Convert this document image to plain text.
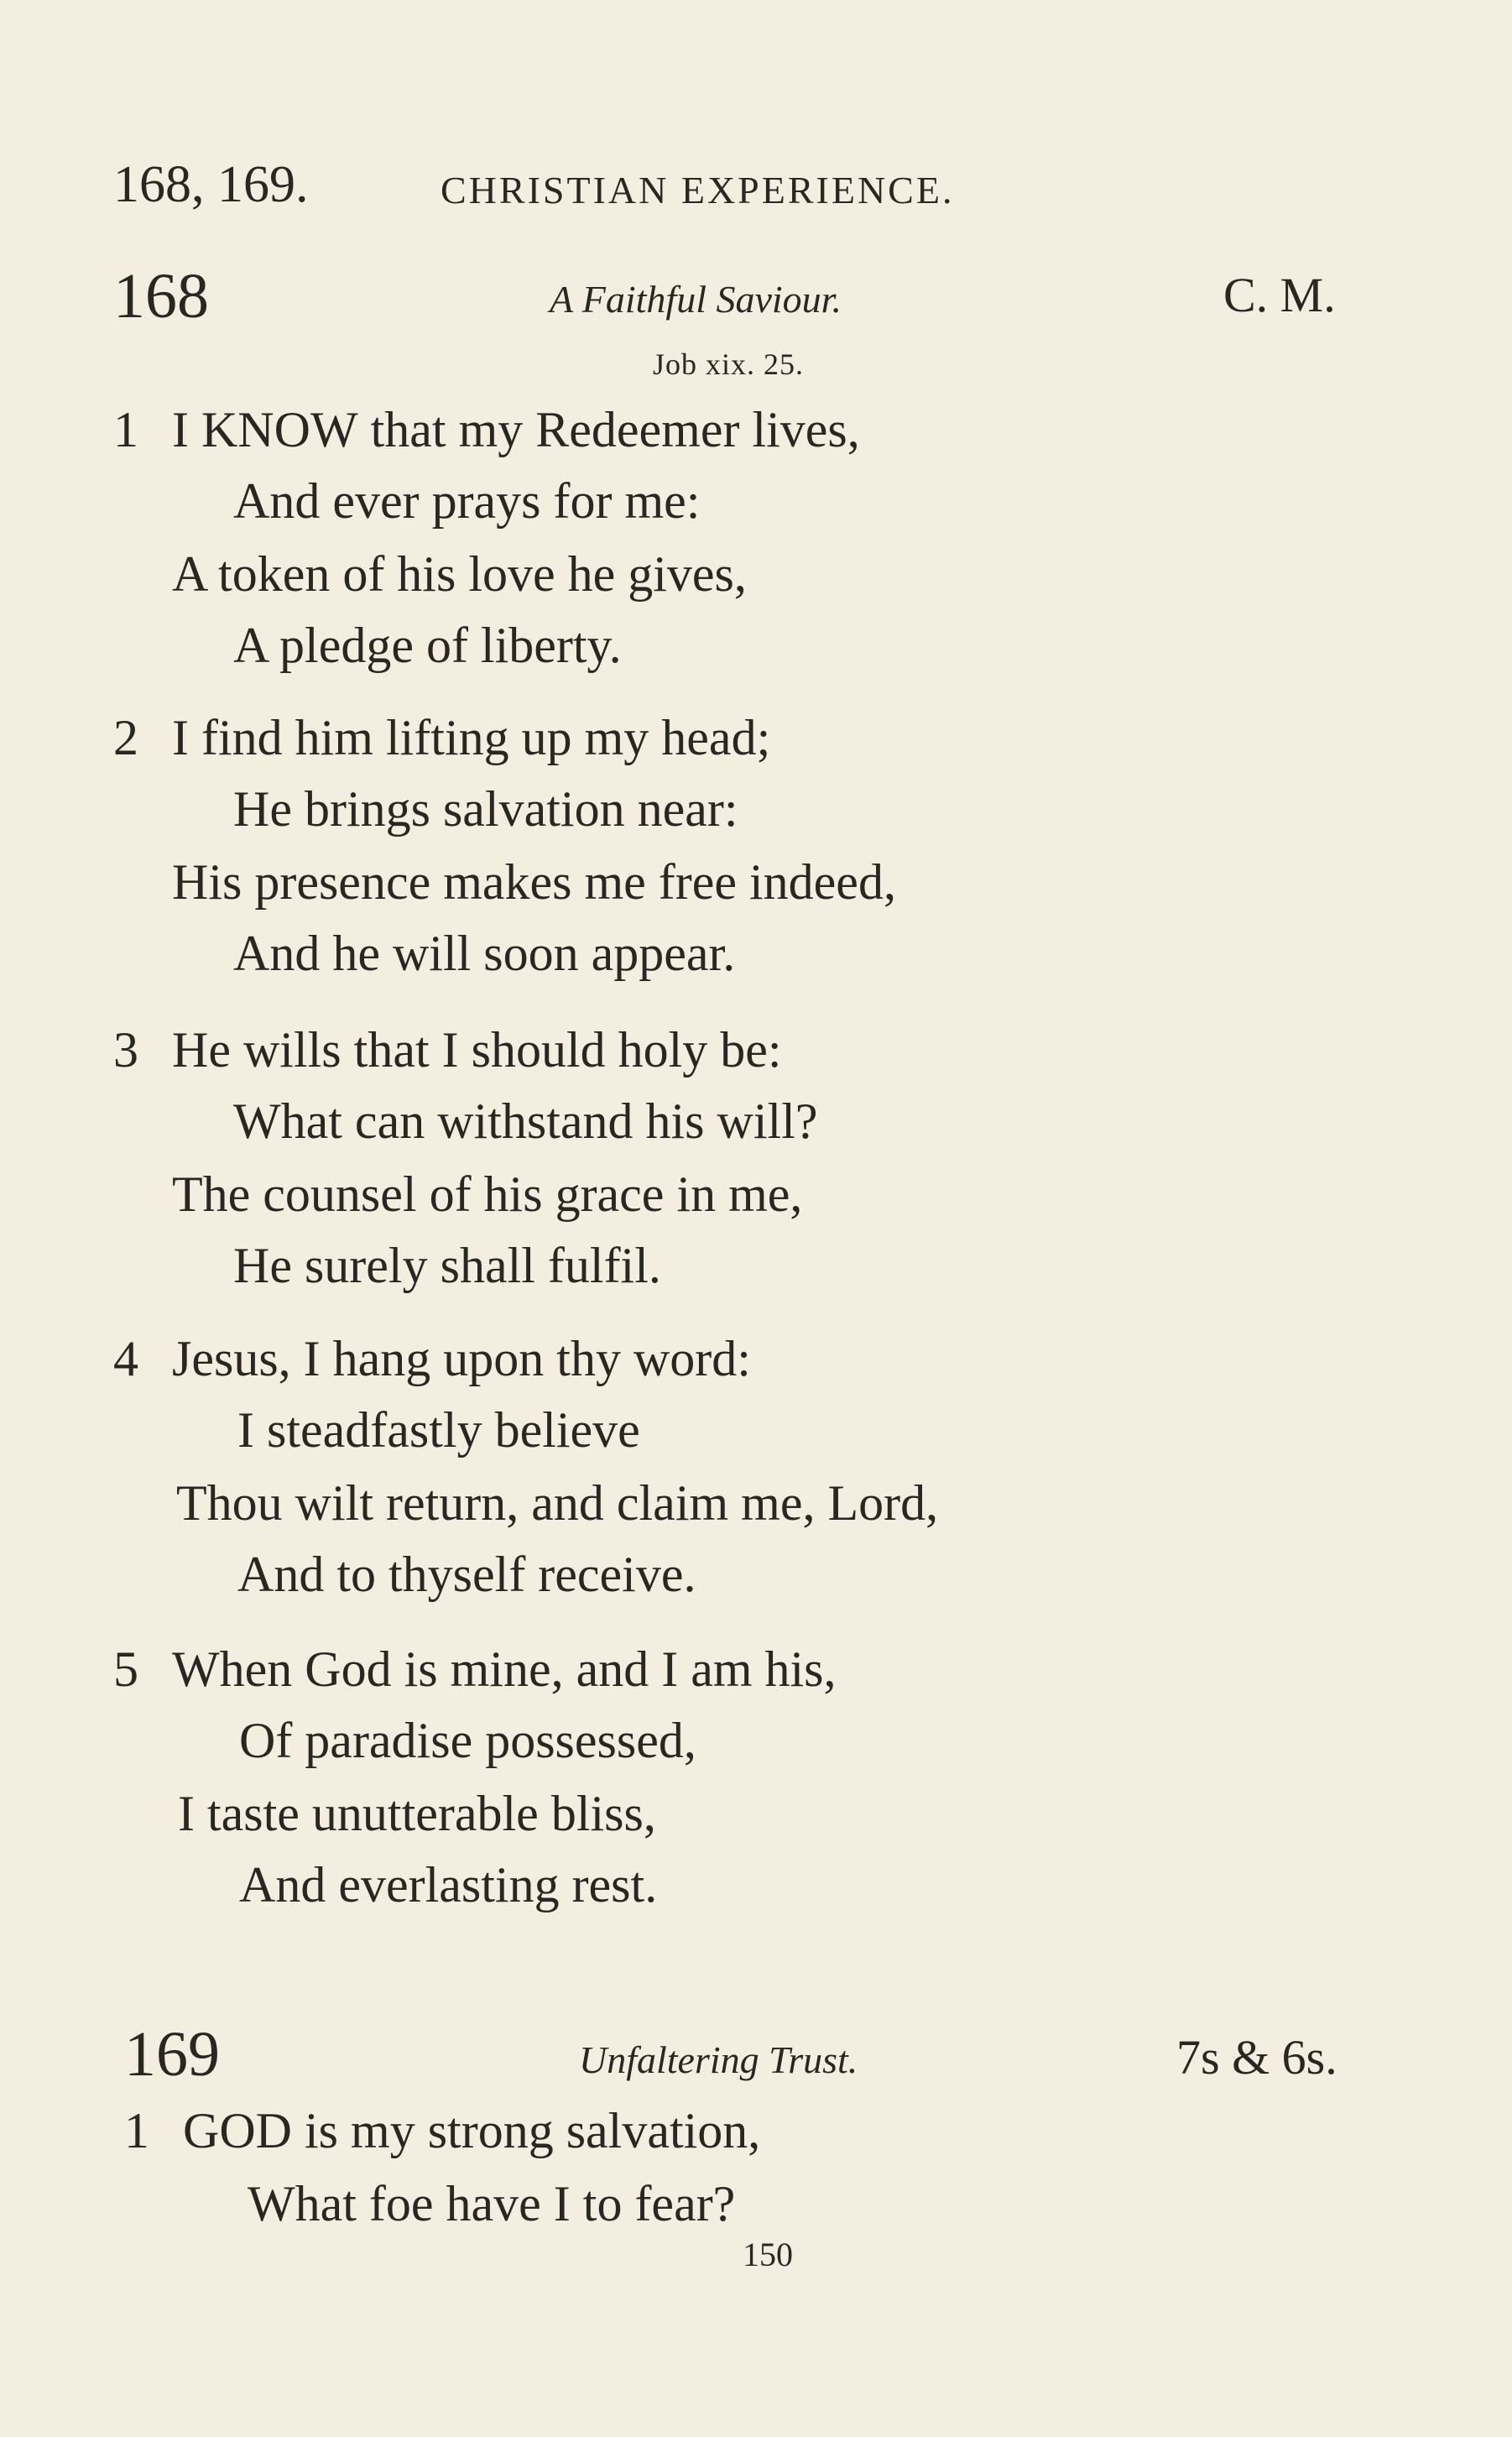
168, 169.	CHRISTIAN EXPERIENCE.
168	A Faithful Saviour.	C. M.
Job xix. 25.
1 I KNOW that my Redeemer lives,
And ever prays for me:
A token of his love he gives,
A pledge of liberty.
2 I find him lifting up my head;
He brings salvation near:
His presence makes me free indeed,
And he will soon appear.
3 He wills that I should holy be:
What can withstand his will?
The counsel of his grace in me,
He surely shall fulfil.
4 Jesus, I hang upon thy word:
I steadfastly believe
Thou wilt return, and claim me, Lord,
And to thyself receive.
5 When God is mine, and I am his,
Of paradise possessed,
I taste unutterable bliss,
And everlasting rest.
169	Unfaltering Trust.	7s & 6s.
1 GOD is my strong salvation,
What foe have I to fear?
150
